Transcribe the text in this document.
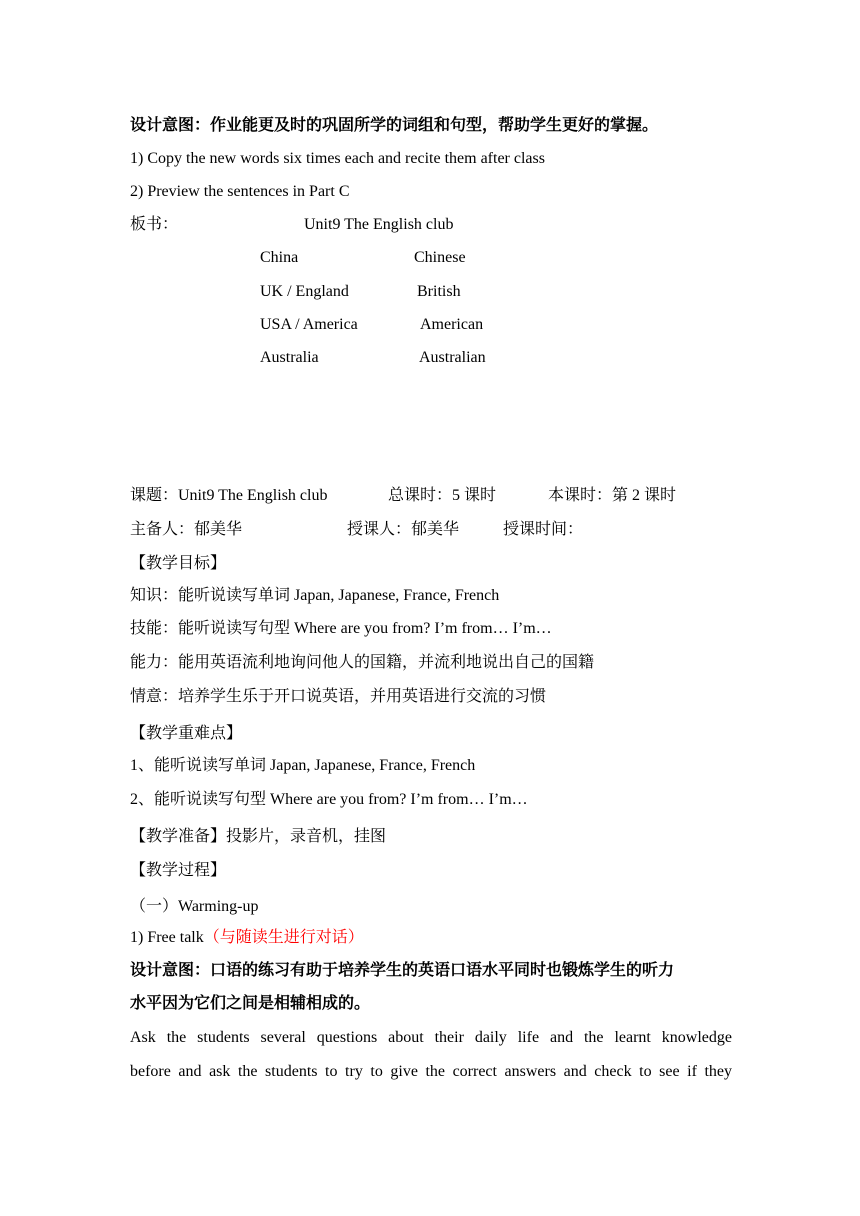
设计意图：作业能更及时的巩固所学的词组和句型，帮助学生更好的掌握。
1) Copy the new words six times each and recite them after class
2) Preview the sentences in Part C
板书：	Unit9 The English club
China	Chinese
UK / England	British
USA / America	American
Australia	Australian
课题：Unit9 The English club	总课时：5 课时	本课时：第 2 课时
主备人：郁美华	授课人：郁美华	授课时间：
【教学目标】
知识：能听说读写单词 Japan, Japanese, France, French
技能：能听说读写句型 Where are you from? I’m from… I’m…
能力：能用英语流利地询问他人的国籍，并流利地说出自己的国籍
情意：培养学生乐于开口说英语，并用英语进行交流的习惯
【教学重难点】
1、能听说读写单词 Japan, Japanese, France, French
2、能听说读写句型 Where are you from? I’m from… I’m…
【教学准备】投影片，录音机，挂图
【教学过程】
（一）Warming-up
1) Free talk（与随读生进行对话）
设计意图：口语的练习有助于培养学生的英语口语水平同时也锻炼学生的听力
水平因为它们之间是相辅相成的。
Ask the students several questions about their daily life and the learnt knowledge
before and ask the students to try to give the correct answers and check to see if they
